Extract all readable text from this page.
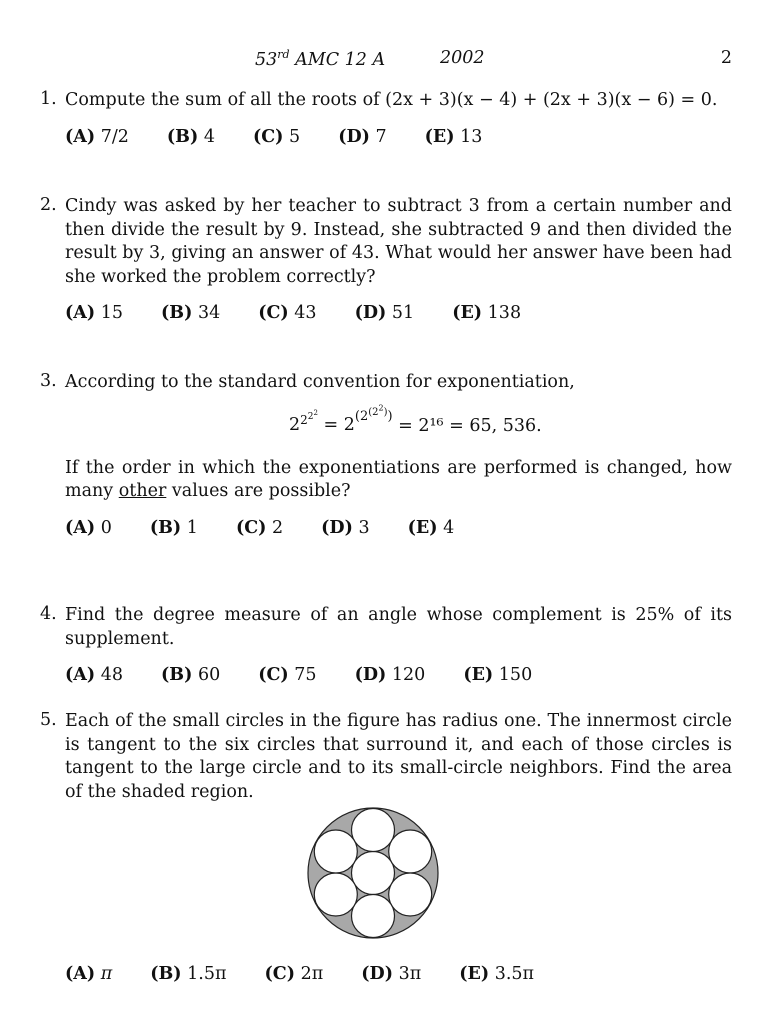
53rd AMC 12 A	2002	2
1. Compute the sum of all the roots of (2x + 3)(x − 4) + (2x + 3)(x − 6) = 0.
(A) 7/2 (B) 4 (C) 5 (D) 7 (E) 13
2. Cindy was asked by her teacher to subtract 3 from a certain number and then divide the result by 9. Instead, she subtracted 9 and then divided the result by 3, giving an answer of 43. What would her answer have been had she worked the problem correctly?
(A) 15 (B) 34 (C) 43 (D) 51 (E) 138
3. According to the standard convention for exponentiation,
$2^{2^{2^2}} = 2^{(2^{(2^2)})} = 2^{16} = 65$, 536.
If the order in which the exponentiations are performed is changed, how many other values are possible?
(A) 0 (B) 1 (C) 2 (D) 3 (E) 4
4. Find the degree measure of an angle whose complement is 25% of its supplement.
(A) 48 (B) 60 (C) 75 (D) 120 (E) 150
5. Each of the small circles in the figure has radius one. The innermost circle is tangent to the six circles that surround it, and each of those circles is tangent to the large circle and to its small-circle neighbors. Find the area of the shaded region.
(A) π (B) 1.5π (C) 2π (D) 3π (E) 3.5π
